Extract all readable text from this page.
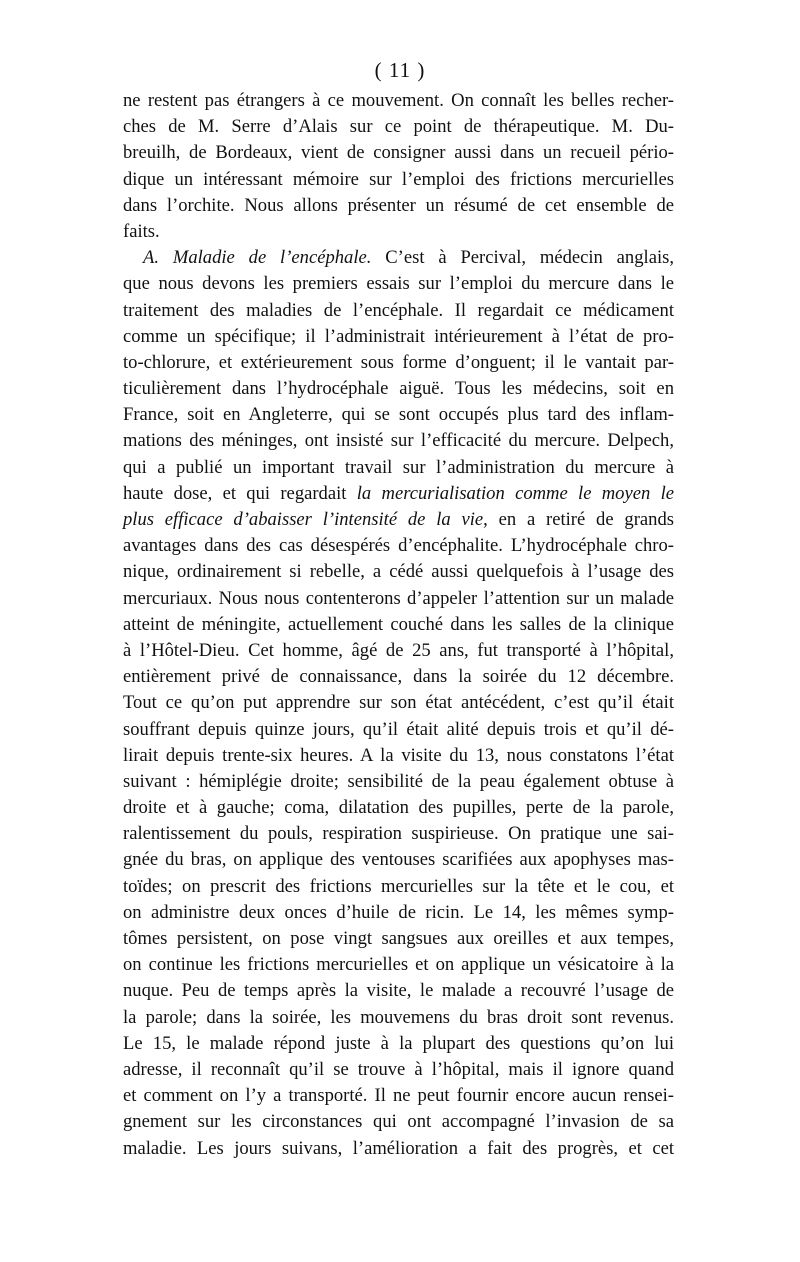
( 11 )
ne restent pas étrangers à ce mouvement. On connaît les belles recher-
ches de M. Serre d’Alais sur ce point de thérapeutique. M. Du-
breuilh, de Bordeaux, vient de consigner aussi dans un recueil pério-
dique un intéressant mémoire sur l’emploi des frictions mercurielles
dans l’orchite. Nous allons présenter un résumé de cet ensemble de
faits.
A. Maladie de l’encéphale. C’est à Percival, médecin anglais,
que nous devons les premiers essais sur l’emploi du mercure dans le
traitement des maladies de l’encéphale. Il regardait ce médicament
comme un spécifique; il l’administrait intérieurement à l’état de pro-
to-chlorure, et extérieurement sous forme d’onguent; il le vantait par-
ticulièrement dans l’hydrocéphale aiguë. Tous les médecins, soit en
France, soit en Angleterre, qui se sont occupés plus tard des inflam-
mations des méninges, ont insisté sur l’efficacité du mercure. Delpech,
qui a publié un important travail sur l’administration du mercure à
haute dose, et qui regardait la mercurialisation comme le moyen le
plus efficace d’abaisser l’intensité de la vie, en a retiré de grands
avantages dans des cas désespérés d’encéphalite. L’hydrocéphale chro-
nique, ordinairement si rebelle, a cédé aussi quelquefois à l’usage des
mercuriaux. Nous nous contenterons d’appeler l’attention sur un malade
atteint de méningite, actuellement couché dans les salles de la clinique
à l’Hôtel-Dieu. Cet homme, âgé de 25 ans, fut transporté à l’hôpital,
entièrement privé de connaissance, dans la soirée du 12 décembre.
Tout ce qu’on put apprendre sur son état antécédent, c’est qu’il était
souffrant depuis quinze jours, qu’il était alité depuis trois et qu’il dé-
lirait depuis trente-six heures. A la visite du 13, nous constatons l’état
suivant : hémiplégie droite; sensibilité de la peau également obtuse à
droite et à gauche; coma, dilatation des pupilles, perte de la parole,
ralentissement du pouls, respiration suspirieuse. On pratique une sai-
gnée du bras, on applique des ventouses scarifiées aux apophyses mas-
toïdes; on prescrit des frictions mercurielles sur la tête et le cou, et
on administre deux onces d’huile de ricin. Le 14, les mêmes symp-
tômes persistent, on pose vingt sangsues aux oreilles et aux tempes,
on continue les frictions mercurielles et on applique un vésicatoire à la
nuque. Peu de temps après la visite, le malade a recouvré l’usage de
la parole; dans la soirée, les mouvemens du bras droit sont revenus.
Le 15, le malade répond juste à la plupart des questions qu’on lui
adresse, il reconnaît qu’il se trouve à l’hôpital, mais il ignore quand
et comment on l’y a transporté. Il ne peut fournir encore aucun rensei-
gnement sur les circonstances qui ont accompagné l’invasion de sa
maladie. Les jours suivans, l’amélioration a fait des progrès, et cet
